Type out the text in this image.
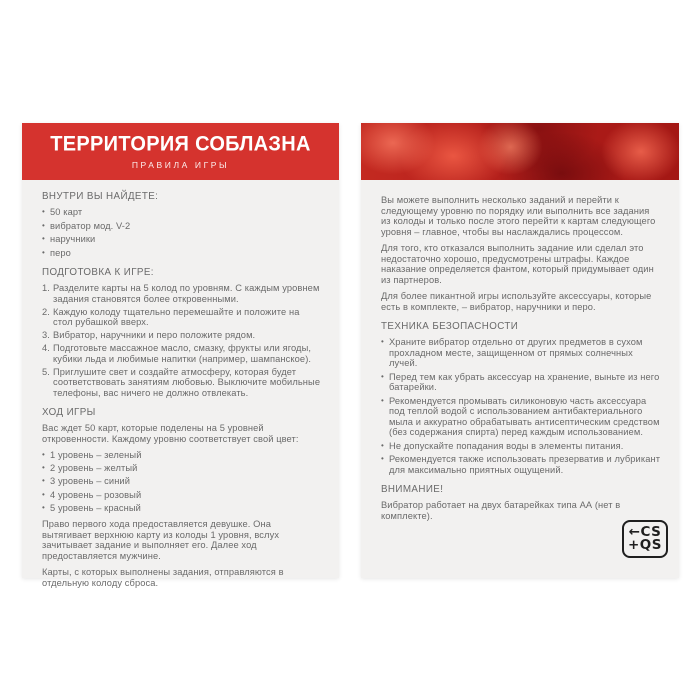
ТЕРРИТОРИЯ СОБЛАЗНА
ПРАВИЛА ИГРЫ
ВНУТРИ ВЫ НАЙДЕТЕ:
• 50 карт
• вибратор мод. V-2
• наручники
• перо
ПОДГОТОВКА К ИГРЕ:
Разделите карты на 5 колод по уровням. С каждым уровнем задания становятся более откровенными.
Каждую колоду тщательно перемешайте и положите на стол рубашкой вверх.
Вибратор, наручники и перо положите рядом.
Подготовьте массажное масло, смазку, фрукты или ягоды, кубики льда и любимые напитки (например, шампанское).
Приглушите свет и создайте атмосферу, которая будет соответствовать занятиям любовью. Выключите мобильные телефоны, вас ничего не должно отвлекать.
ХОД ИГРЫ

Вас ждет 50 карт, которые поделены на 5 уровней откровенности. Каждому уровню соответствует свой цвет:

• 1 уровень – зеленый
• 2 уровень – желтый
• 3 уровень – синий
• 4 уровень – розовый
• 5 уровень – красный

Право первого хода предоставляется девушке. Она вытягивает верхнюю карту из колоды 1 уровня, вслух зачитывает задание и выполняет его. Далее ход предоставляется мужчине.

Карты, с которых выполнены задания, отправляются в отдельную колоду сброса.

Вы можете выполнить несколько заданий и перейти к следующему уровню по порядку или выполнить все задания из колоды и только после этого перейти к картам следующего уровня – главное, чтобы вы наслаждались процессом.

Для того, кто отказался выполнить задание или сделал это недостаточно хорошо, предусмотрены штрафы. Каждое наказание определяется фантом, который придумывает один из партнеров.

Для более пикантной игры используйте аксессуары, которые есть в комплекте, – вибратор, наручники и перо.

ТЕХНИКА БЕЗОПАСНОСТИ
• Храните вибратор отдельно от других предметов в сухом прохладном месте, защищенном от прямых солнечных лучей.
• Перед тем как убрать аксессуар на хранение, выньте из него батарейки.
• Рекомендуется промывать силиконовую часть аксессуара под теплой водой с использованием антибактериального мыла и аккуратно обрабатывать антисептическим средством (без содержания спирта) перед каждым использованием.
• Не допускайте попадания воды в элементы питания.
• Рекомендуется также использовать презерватив и лубрикант для максимально приятных ощущений.
ВНИМАНИЕ!

Вибратор работает на двух батарейках типа АА (нет в комплекте).

←CS
+QS
